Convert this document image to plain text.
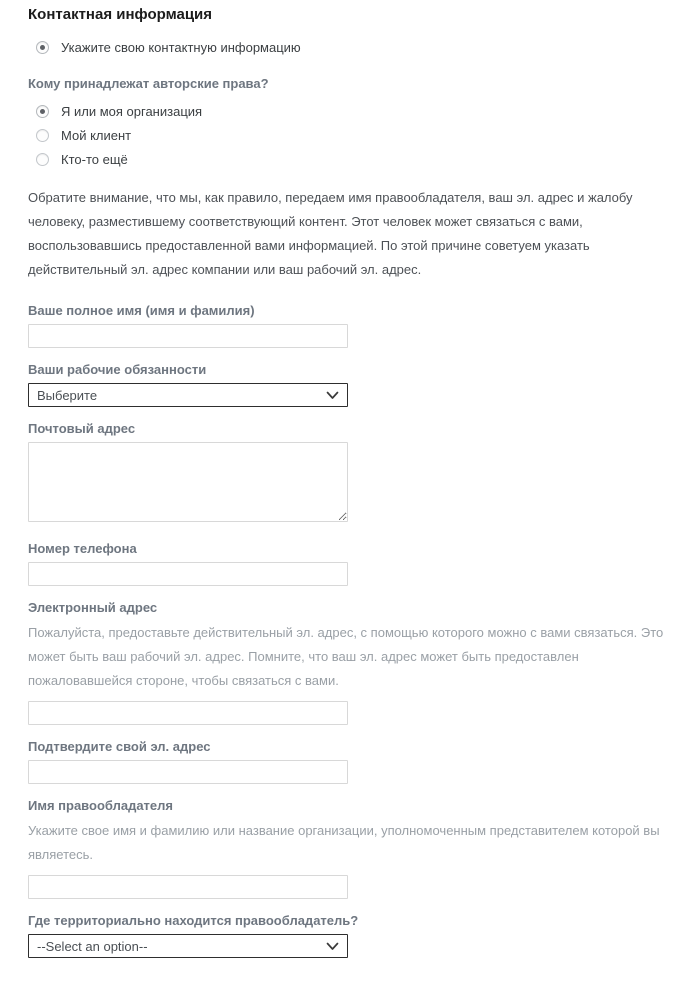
Контактная информация
Укажите свою контактную информацию
Кому принадлежат авторские права?
Я или моя организация
Мой клиент
Кто-то ещё

Обратите внимание, что мы, как правило, передаем имя правообладателя, ваш эл. адрес и жалобу человеку, разместившему соответствующий контент. Этот человек может связаться с вами, воспользовавшись предоставленной вами информацией. По этой причине советуем указать действительный эл. адрес компании или ваш рабочий эл. адрес.

Ваше полное имя (имя и фамилия)
Ваши рабочие обязанности
Выберите
Почтовый адрес
Номер телефона
Электронный адрес

Пожалуйста, предоставьте действительный эл. адрес, с помощью которого можно с вами связаться. Это может быть ваш рабочий эл. адрес. Помните, что ваш эл. адрес может быть предоставлен пожаловавшейся стороне, чтобы связаться с вами.

Подтвердите свой эл. адрес
Имя правообладателя

Укажите свое имя и фамилию или название организации, уполномоченным представителем которой вы являетесь.

Где территориально находится правообладатель?
--Select an option--
